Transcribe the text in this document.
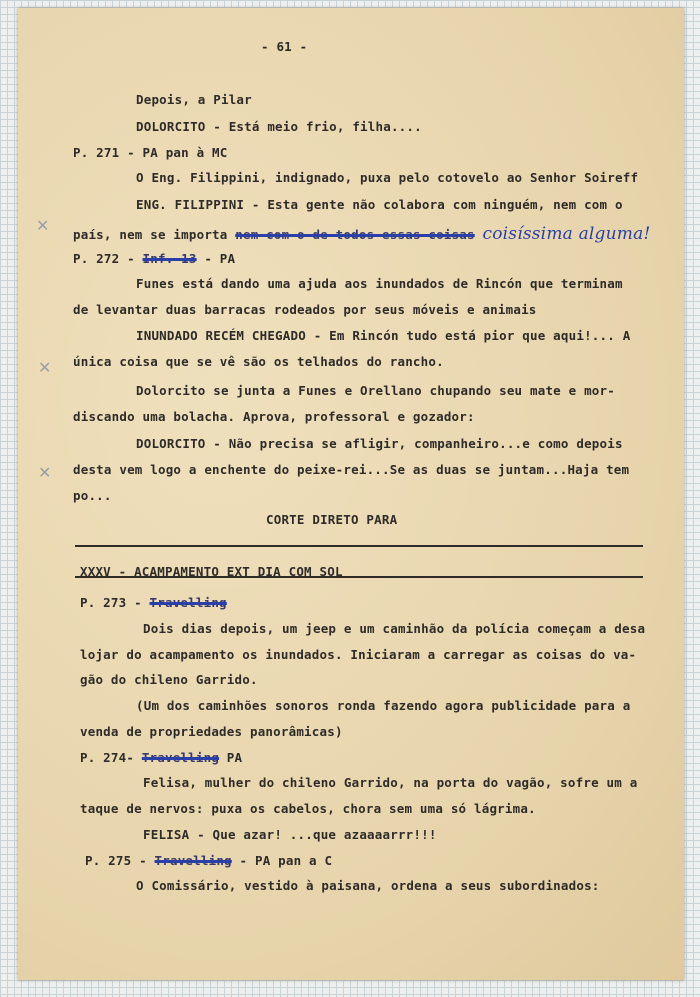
- 61 -
Depois, a Pilar
DOLORCITO - Está meio frio, filha....
P. 271 - PA pan à MC
O Eng. Filippini, indignado, puxa pelo cotovelo ao Senhor Soireff
ENG. FILIPPINI - Esta gente não colabora com ninguém, nem com o
país, nem se importa nem com o de todos essas coisas coisíssima alguma!
P. 272 - Inf. 13 - PA
Funes está dando uma ajuda aos inundados de Rincón que terminam
de levantar duas barracas rodeados por seus móveis e animais
INUNDADO RECÉM CHEGADO - Em Rincón tudo está pior que aqui!... A
única coisa que se vê são os telhados do rancho.
Dolorcito se junta a Funes e Orellano chupando seu mate e mor-
discando uma bolacha. Aprova, professoral e gozador:
DOLORCITO - Não precisa se afligir, companheiro...e como depois
desta vem logo a enchente do peixe-rei...Se as duas se juntam...Haja tem
po...
CORTE DIRETO PARA
XXXV - ACAMPAMENTO EXT DIA COM SOL
P. 273 - Travelling
Dois dias depois, um jeep e um caminhão da polícia começam a desa
lojar do acampamento os inundados. Iniciaram a carregar as coisas do va-
gão do chileno Garrido.
(Um dos caminhões sonoros ronda fazendo agora publicidade para a
venda de propriedades panorâmicas)
P. 274- Travelling PA
Felisa, mulher do chileno Garrido, na porta do vagão, sofre um a
taque de nervos: puxa os cabelos, chora sem uma só lágrima.
FELISA - Que azar! ...que azaaaarrr!!!
P. 275 - Travelling - PA pan a C
O Comissário, vestido à paisana, ordena a seus subordinados:
✕
✕
✕
